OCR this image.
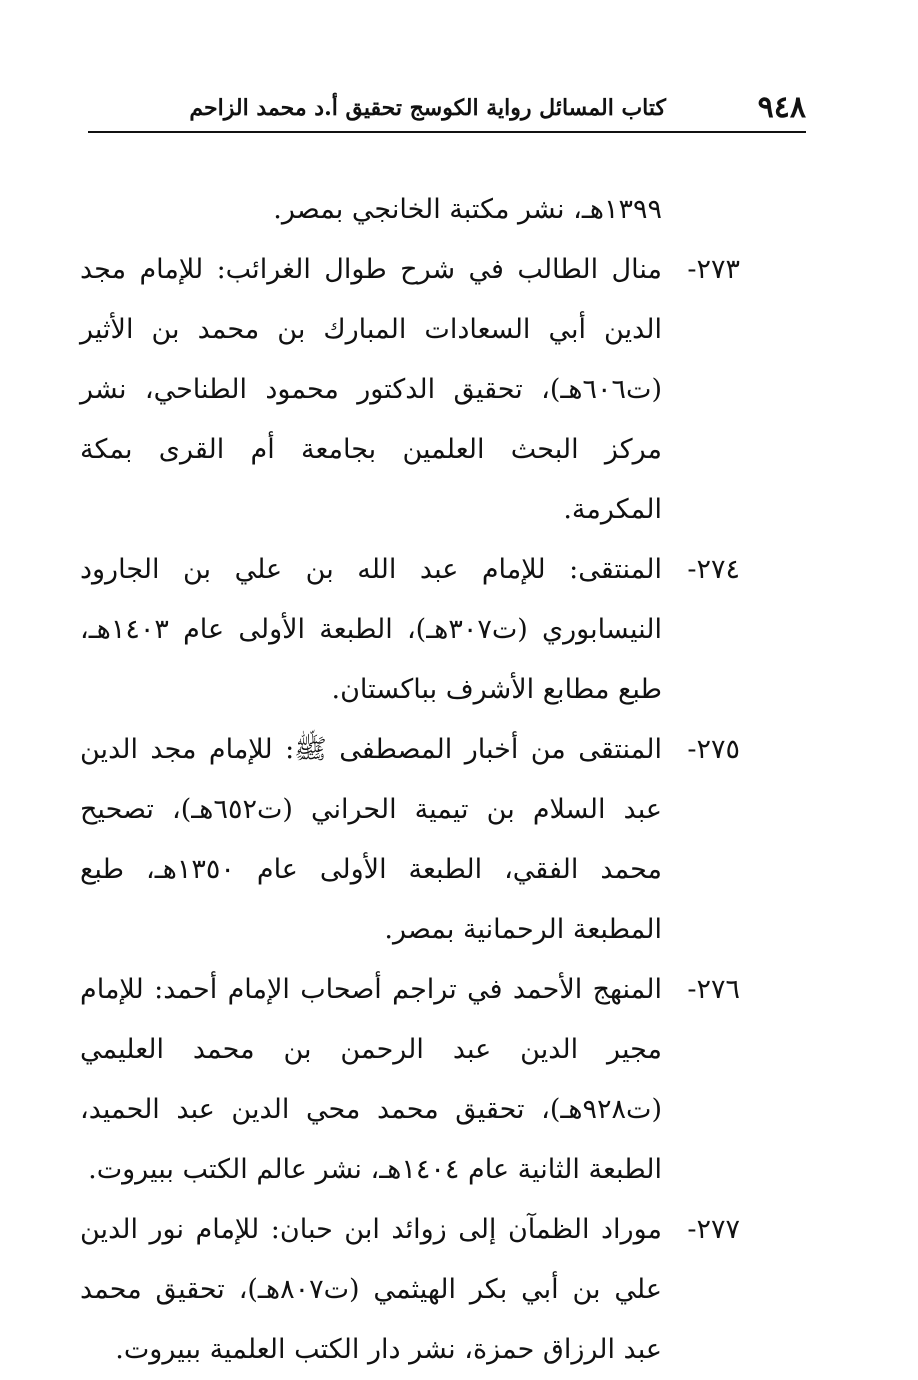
٩٤٨
كتاب المسائل رواية الكوسج تحقيق أ.د محمد الزاحم

١٣٩٩هـ، نشر مكتبة الخانجي بمصر.

٢٧٣-
منال الطالب في شرح طوال الغرائب: للإمام مجد الدين أبي السعادات المبارك بن محمد بن الأثير (ت٦٠٦هـ)، تحقيق الدكتور محمود الطناحي، نشر مركز البحث العلمين بجامعة أم القرى بمكة المكرمة.
٢٧٤-
المنتقى: للإمام عبد الله بن علي بن الجارود النيسابوري (ت٣٠٧هـ)، الطبعة الأولى عام ١٤٠٣هـ، طبع مطابع الأشرف بباكستان.
٢٧٥-
المنتقى من أخبار المصطفى ﷺ: للإمام مجد الدين عبد السلام بن تيمية الحراني (ت٦٥٢هـ)، تصحيح محمد الفقي، الطبعة الأولى عام ١٣٥٠هـ، طبع المطبعة الرحمانية بمصر.
٢٧٦-
المنهج الأحمد في تراجم أصحاب الإمام أحمد: للإمام مجير الدين عبد الرحمن بن محمد العليمي (ت٩٢٨هـ)، تحقيق محمد محي الدين عبد الحميد، الطبعة الثانية عام ١٤٠٤هـ، نشر عالم الكتب ببيروت.
٢٧٧-
موراد الظمآن إلى زوائد ابن حبان: للإمام نور الدين علي بن أبي بكر الهيثمي (ت٨٠٧هـ)، تحقيق محمد عبد الرزاق حمزة، نشر دار الكتب العلمية ببيروت.
